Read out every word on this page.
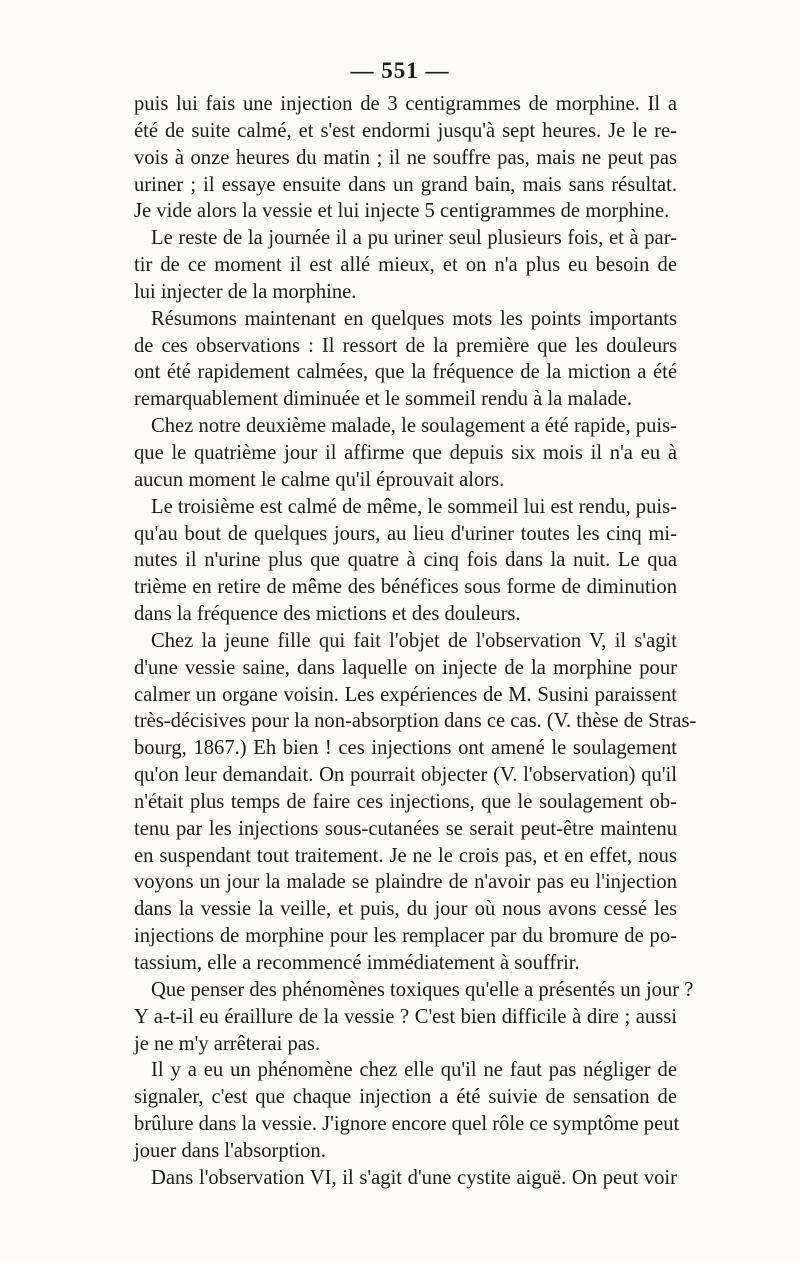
— 551 —
puis lui fais une injection de 3 centigrammes de morphine. Il a
été de suite calmé, et s'est endormi jusqu'à sept heures. Je le re-
vois à onze heures du matin ; il ne souffre pas, mais ne peut pas
uriner ; il essaye ensuite dans un grand bain, mais sans résultat.
Je vide alors la vessie et lui injecte 5 centigrammes de morphine.
Le reste de la journée il a pu uriner seul plusieurs fois, et à par-
tir de ce moment il est allé mieux, et on n'a plus eu besoin de
lui injecter de la morphine.
Résumons maintenant en quelques mots les points importants
de ces observations : Il ressort de la première que les douleurs
ont été rapidement calmées, que la fréquence de la miction a été
remarquablement diminuée et le sommeil rendu à la malade.
Chez notre deuxième malade, le soulagement a été rapide, puis-
que le quatrième jour il affirme que depuis six mois il n'a eu à
aucun moment le calme qu'il éprouvait alors.
Le troisième est calmé de même, le sommeil lui est rendu, puis-
qu'au bout de quelques jours, au lieu d'uriner toutes les cinq mi-
nutes il n'urine plus que quatre à cinq fois dans la nuit. Le qua
trième en retire de même des bénéfices sous forme de diminution
dans la fréquence des mictions et des douleurs.
Chez la jeune fille qui fait l'objet de l'observation V, il s'agit
d'une vessie saine, dans laquelle on injecte de la morphine pour
calmer un organe voisin. Les expériences de M. Susini paraissent
très-décisives pour la non-absorption dans ce cas. (V. thèse de Stras-
bourg, 1867.) Eh bien ! ces injections ont amené le soulagement
qu'on leur demandait. On pourrait objecter (V. l'observation) qu'il
n'était plus temps de faire ces injections, que le soulagement ob-
tenu par les injections sous-cutanées se serait peut-être maintenu
en suspendant tout traitement. Je ne le crois pas, et en effet, nous
voyons un jour la malade se plaindre de n'avoir pas eu l'injection
dans la vessie la veille, et puis, du jour où nous avons cessé les
injections de morphine pour les remplacer par du bromure de po-
tassium, elle a recommencé immédiatement à souffrir.
Que penser des phénomènes toxiques qu'elle a présentés un jour ?
Y a-t-il eu éraillure de la vessie ? C'est bien difficile à dire ; aussi
je ne m'y arrêterai pas.
Il y a eu un phénomène chez elle qu'il ne faut pas négliger de
signaler, c'est que chaque injection a été suivie de sensation de
brûlure dans la vessie. J'ignore encore quel rôle ce symptôme peut
jouer dans l'absorption.
Dans l'observation VI, il s'agit d'une cystite aiguë. On peut voir
